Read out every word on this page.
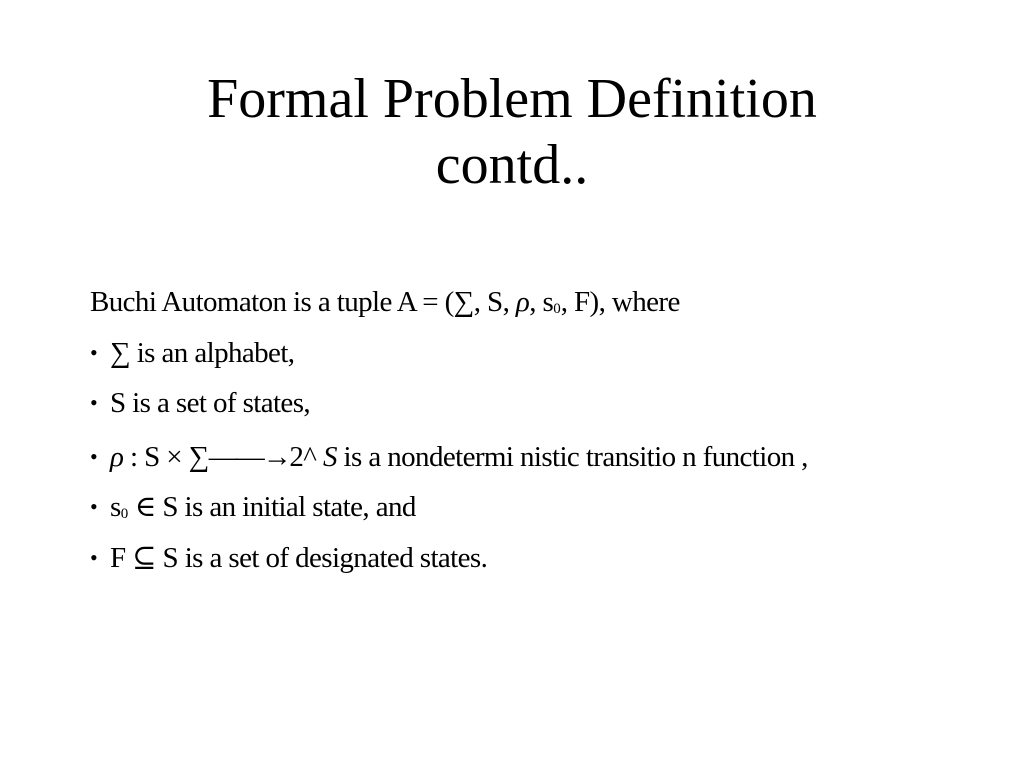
Formal Problem Definition
contd..
Buchi Automaton is a tuple A = (∑, S, ρ, s0, F), where
• ∑ is an alphabet,
• S is a set of states,
• ρ : S × ∑——→ 2^ S is a nondetermi nistic transitio n function ,
• s0 ∈ S is an initial state, and
• F ⊆ S is a set of designated states.
